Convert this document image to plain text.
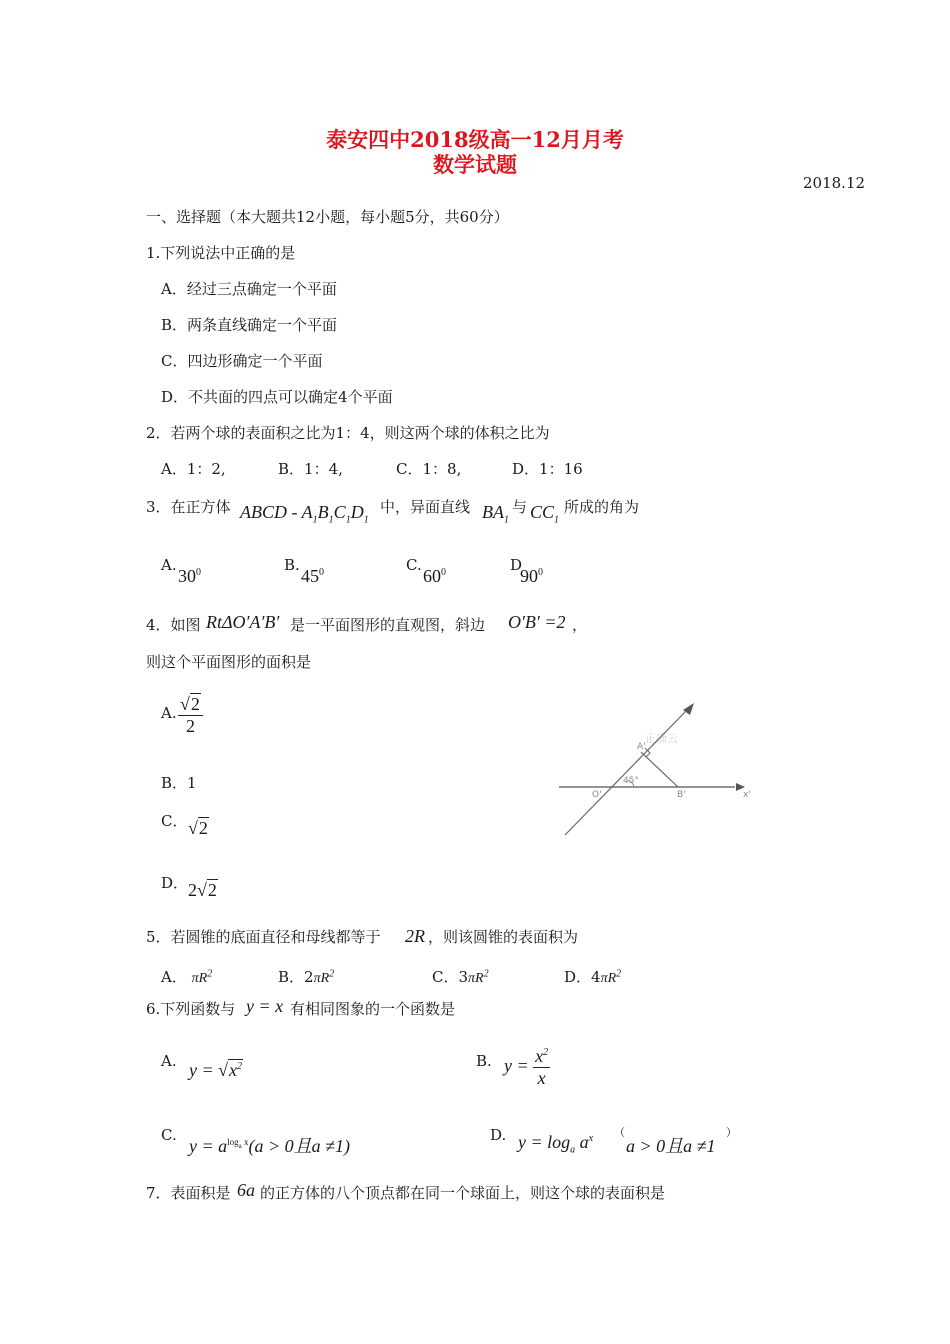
泰安四中2018级高一12月月考
数学试题
2018.12
一、选择题（本大题共12小题，每小题5分，共60分）
1.下列说法中正确的是
A．经过三点确定一个平面
B．两条直线确定一个平面
C．四边形确定一个平面
D．不共面的四点可以确定4个平面
2．若两个球的表面积之比为1：4，则这两个球的体积之比为
A．1：2,	B．1：4,	C．1：8,	D．1：16
3．在正方体 ABCD - $A_1B_1C_1D_1$
中，异面直线 $BA_1$
与 $CC_1$
所成的角为
A.
$30^0$	B.
$45^0$	C.
$60^0$	D
$90^0$
4．如图 RtΔO′A′B′ 是一平面图形的直观图，斜边 O′B′ =2 ，
则这个平面图形的面积是
A. $\frac{√2}{2}$
B．1
C． √2
D． 2√2
正确云
A'
O'	B'	x'
45°
5．若圆锥的底面直径和母线都等于 2R ，则该圆锥的表面积为
A． $\pi R^2$	B．$2\pi R^2$	C．$3\pi R^2$	D．$4\pi R^2$
6.下列函数与 y = x 有相同图象的一个函数是
A. $y = √x^2$	B. $y = \frac{x^2}{x}$
C.
$y = a^{log_a x}(a > 0$且a ≠1)
D. $y = \log_a a^x$ （
a > 0且a ≠1
）
7．表面积是 6a 的正方体的八个顶点都在同一个球面上，则这个球的表面积是
